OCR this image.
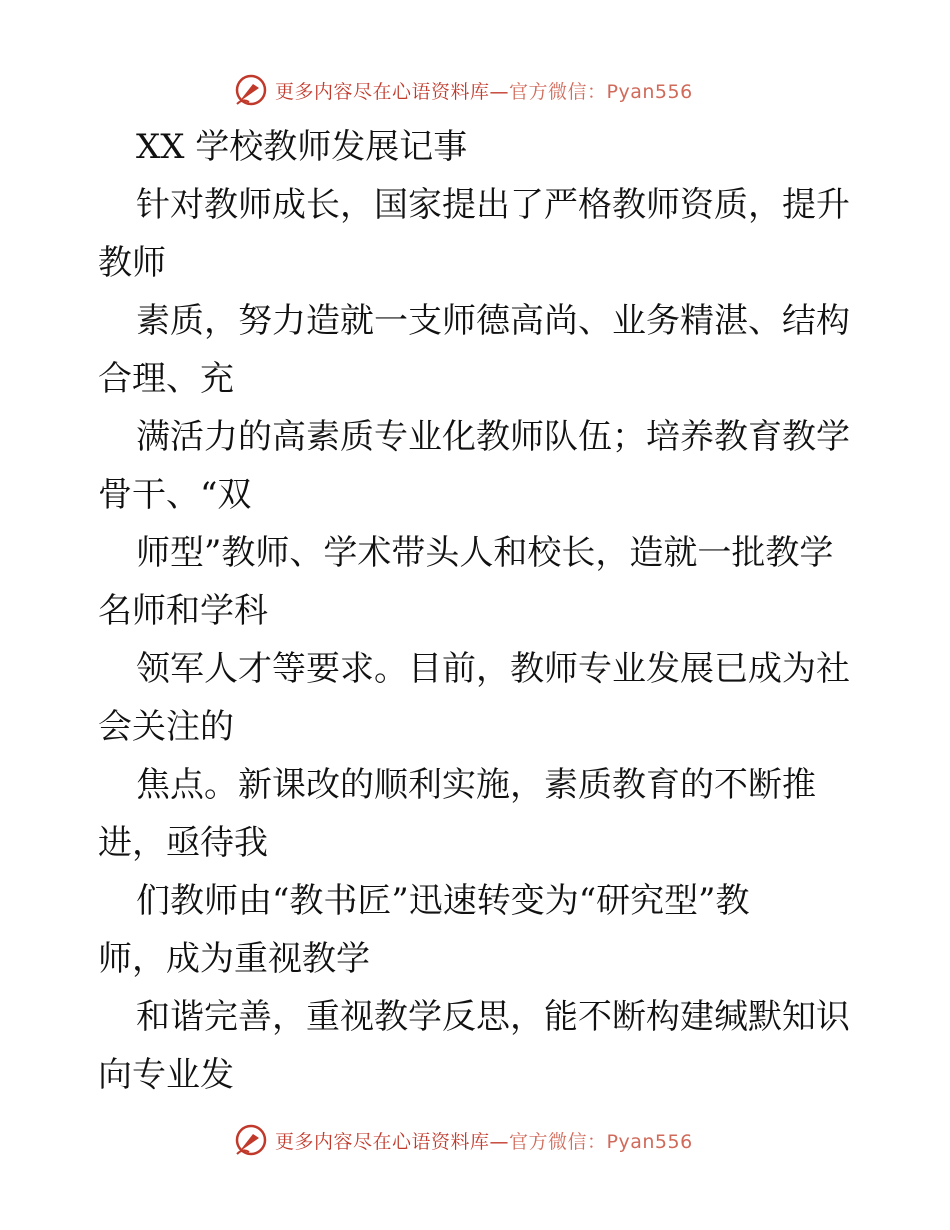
更多内容尽在心语资料库—官方微信：Pyan556
XX 学校教师发展记事
针对教师成长，国家提出了严格教师资质，提升
教师
素质，努力造就一支师德高尚、业务精湛、结构
合理、充
满活力的高素质专业化教师队伍；培养教育教学
骨干、“双
师型”教师、学术带头人和校长，造就一批教学
名师和学科
领军人才等要求。目前，教师专业发展已成为社
会关注的
焦点。新课改的顺利实施，素质教育的不断推
进，亟待我
们教师由“教书匠”迅速转变为“研究型”教
师，成为重视教学
和谐完善，重视教学反思，能不断构建缄默知识
向专业发
更多内容尽在心语资料库—官方微信：Pyan556
